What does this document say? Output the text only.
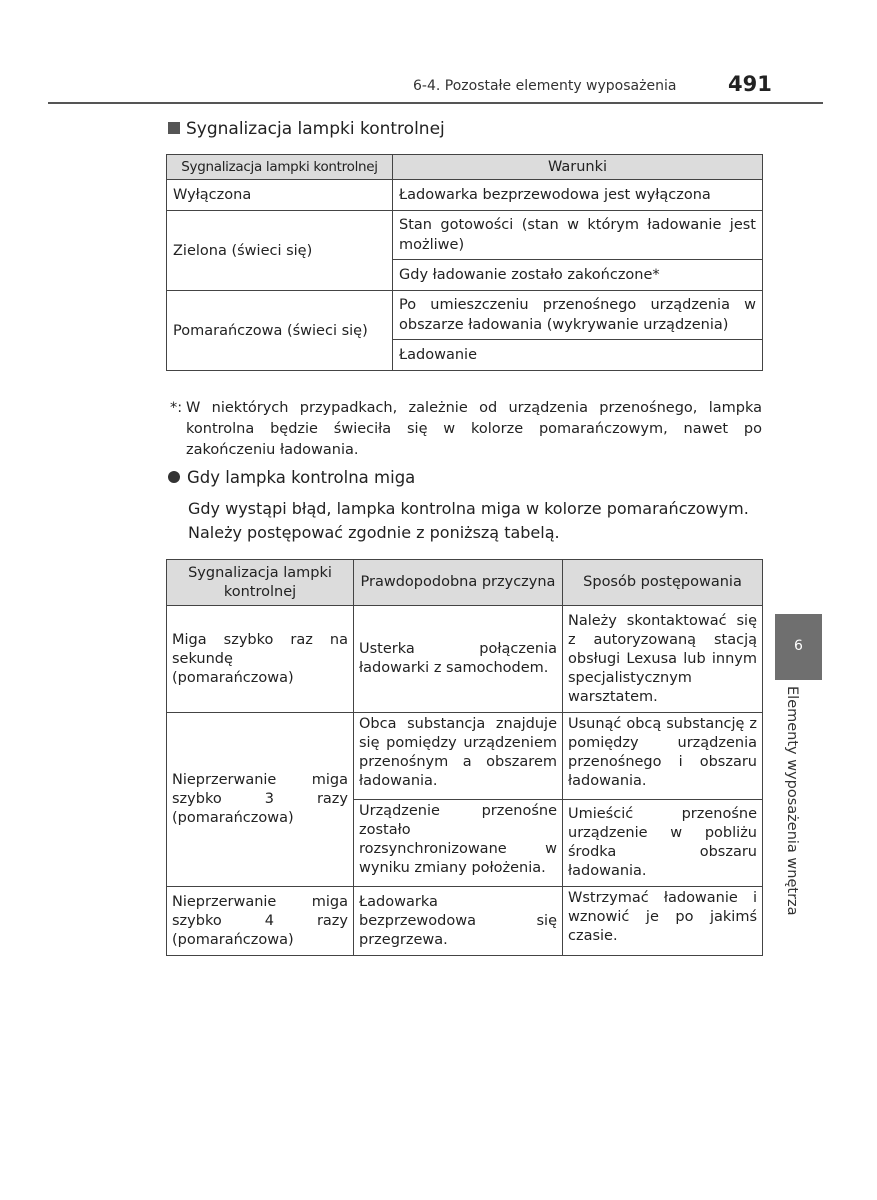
6-4. Pozostałe elementy wyposażenia 491
Sygnalizacja lampki kontrolnej
Sygnalizacja lampki kontrolnej	Warunki
Wyłączona	Ładowarka bezprzewodowa jest wyłączona
Zielona (świeci się)	Stan gotowości (stan w którym ładowanie jest możliwe)
	Gdy ładowanie zostało zakończone*
Pomarańczowa (świeci się)	Po umieszczeniu przenośnego urządzenia w obszarze ładowania (wykrywanie urządzenia)
	Ładowanie
*: W niektórych przypadkach, zależnie od urządzenia przenośnego, lampka kontrolna będzie świeciła się w kolorze pomarańczowym, nawet po zakończeniu ładowania.
Gdy lampka kontrolna miga
Gdy wystąpi błąd, lampka kontrolna miga w kolorze pomarańczowym. Należy postępować zgodnie z poniższą tabelą.
Sygnalizacja lampki kontrolnej	Prawdopodobna przyczyna	Sposób postępowania
Miga szybko raz na sekundę (pomarańczowa)	Usterka połączenia ładowarki z samochodem.	Należy skontaktować się z autoryzowaną stacją obsługi Lexusa lub innym specjalistycznym warsztatem.
Nieprzerwanie miga szybko 3 razy (pomarańczowa)	Obca substancja znajduje się pomiędzy urządzeniem przenośnym a obszarem ładowania.	Usunąć obcą substancję z pomiędzy urządzenia przenośnego i obszaru ładowania.
	Urządzenie przenośne zostało rozsynchronizowane w wyniku zmiany położenia.	Umieścić przenośne urządzenie w pobliżu środka obszaru ładowania.
Nieprzerwanie miga szybko 4 razy (pomarańczowa)	Ładowarka bezprzewodowa się przegrzewa.	Wstrzymać ładowanie i wznowić je po jakimś czasie.
6
Elementy wyposażenia wnętrza
